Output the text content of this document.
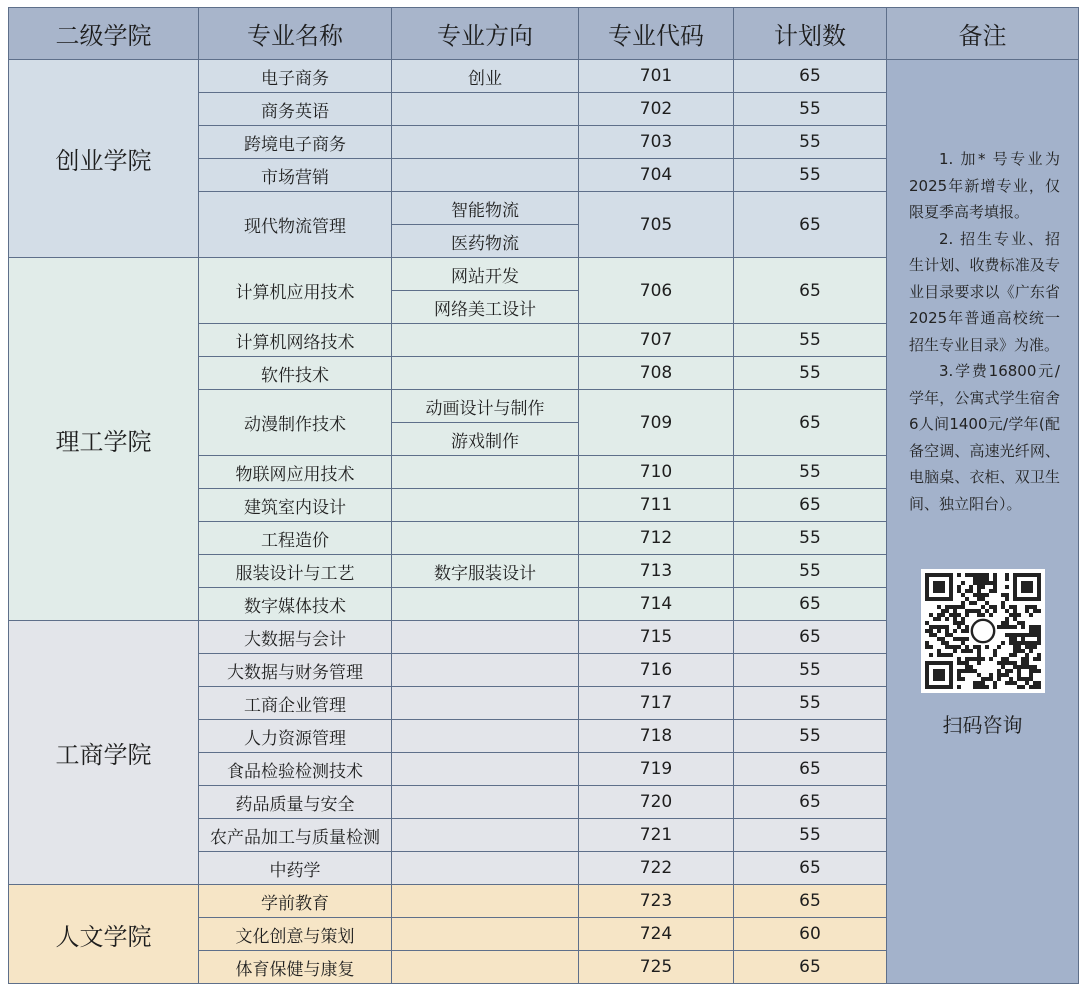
二级学院	专业名称	专业方向	专业代码	计划数	备注
创业学院	电子商务	创业	701	65	1. 加* 号专业为2025年新增专业，仅限夏季高考填报。

2. 招生专业、招生计划、收费标准及专业目录要求以《广东省2025年普通高校统一招生专业目录》为准。

3.学费16800元/学年，公寓式学生宿舍6人间1400元/学年(配备空调、高速光纤网、电脑桌、衣柜、双卫生间、独立阳台）。

扫码咨询

	商务英语		702	55	
	跨境电子商务		703	55	
	市场营销		704	55	
	现代物流管理	智能物流	705	65	
		医药物流			
理工学院	计算机应用技术	网站开发	706	65	
		网络美工设计			
	计算机网络技术		707	55	
	软件技术		708	55	
	动漫制作技术	动画设计与制作	709	65	
		游戏制作			
	物联网应用技术		710	55	
	建筑室内设计		711	65	
	工程造价		712	55	
	服装设计与工艺	数字服装设计	713	55	
	数字媒体技术		714	65	
工商学院	大数据与会计		715	65	
	大数据与财务管理		716	55	
	工商企业管理		717	55	
	人力资源管理		718	55	
	食品检验检测技术		719	65	
	药品质量与安全		720	65	
	农产品加工与质量检测		721	55	
	中药学		722	65	
人文学院	学前教育		723	65	
	文化创意与策划		724	60	
	体育保健与康复		725	65	
